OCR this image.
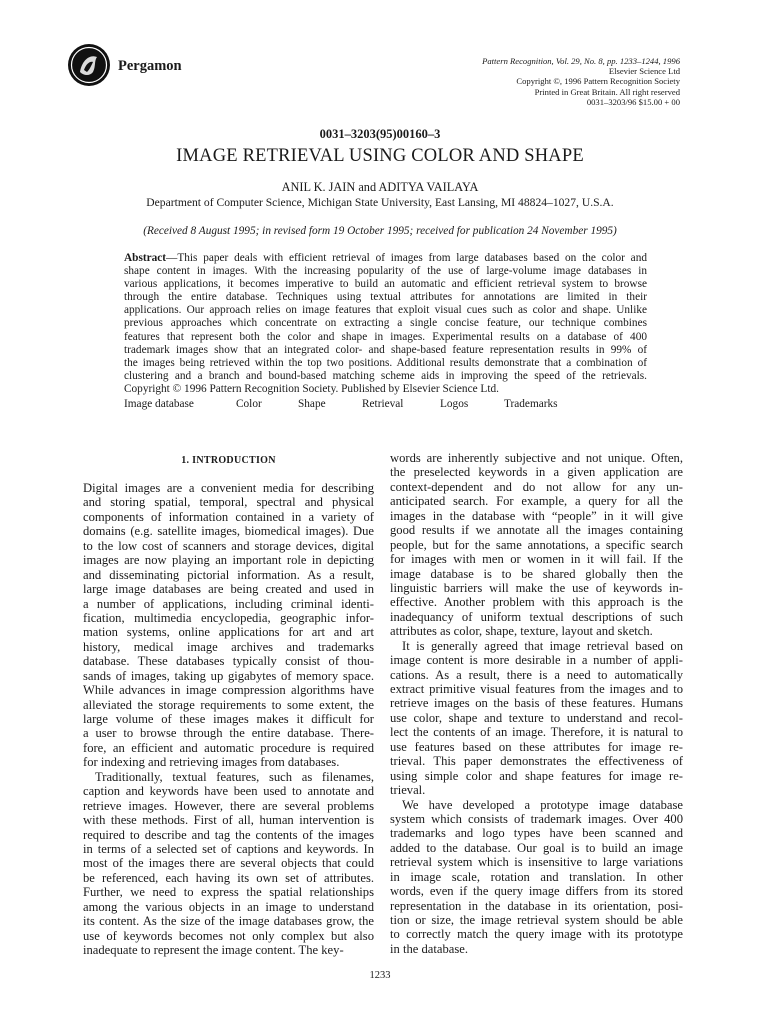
Pergamon	Pattern Recognition, Vol. 29, No. 8, pp. 1233–1244, 1996
Elsevier Science Ltd
Copyright ©, 1996 Pattern Recognition Society
Printed in Great Britain. All right reserved
0031–3203/96 $15.00 + 00
0031–3203(95)00160–3
IMAGE RETRIEVAL USING COLOR AND SHAPE
ANIL K. JAIN and ADITYA VAILAYA
Department of Computer Science, Michigan State University, East Lansing, MI 48824–1027, U.S.A.
(Received 8 August 1995; in revised form 19 October 1995; received for publication 24 November 1995)
Abstract—This paper deals with efficient retrieval of images from large databases based on the color and
shape content in images. With the increasing popularity of the use of large-volume image databases in
various applications, it becomes imperative to build an automatic and efficient retrieval system to browse
through the entire database. Techniques using textual attributes for annotations are limited in their
applications. Our approach relies on image features that exploit visual cues such as color and shape. Unlike
previous approaches which concentrate on extracting a single concise feature, our technique combines
features that represent both the color and shape in images. Experimental results on a database of 400
trademark images show that an integrated color- and shape-based feature representation results in 99% of
the images being retrieved within the top two positions. Additional results demonstrate that a combination of
clustering and a branch and bound-based matching scheme aids in improving the speed of the retrievals.
Copyright © 1996 Pattern Recognition Society. Published by Elsevier Science Ltd.
Image database	Color	Shape	Retrieval	Logos	Trademarks
1. INTRODUCTION
Digital images are a convenient media for describing
and storing spatial, temporal, spectral and physical
components of information contained in a variety of
domains (e.g. satellite images, biomedical images). Due
to the low cost of scanners and storage devices, digital
images are now playing an important role in depicting
and disseminating pictorial information. As a result,
large image databases are being created and used in
a number of applications, including criminal identi-
fication, multimedia encyclopedia, geographic infor-
mation systems, online applications for art and art
history, medical image archives and trademarks
database. These databases typically consist of thou-
sands of images, taking up gigabytes of memory space.
While advances in image compression algorithms have
alleviated the storage requirements to some extent, the
large volume of these images makes it difficult for
a user to browse through the entire database. There-
fore, an efficient and automatic procedure is required
for indexing and retrieving images from databases.
Traditionally, textual features, such as filenames,
caption and keywords have been used to annotate and
retrieve images. However, there are several problems
with these methods. First of all, human intervention is
required to describe and tag the contents of the images
in terms of a selected set of captions and keywords. In
most of the images there are several objects that could
be referenced, each having its own set of attributes.
Further, we need to express the spatial relationships
among the various objects in an image to understand
its content. As the size of the image databases grow, the
use of keywords becomes not only complex but also
inadequate to represent the image content. The key-
words are inherently subjective and not unique. Often,
the preselected keywords in a given application are
context-dependent and do not allow for any un-
anticipated search. For example, a query for all the
images in the database with “people” in it will give
good results if we annotate all the images containing
people, but for the same annotations, a specific search
for images with men or women in it will fail. If the
image database is to be shared globally then the
linguistic barriers will make the use of keywords in-
effective. Another problem with this approach is the
inadequancy of uniform textual descriptions of such
attributes as color, shape, texture, layout and sketch.
It is generally agreed that image retrieval based on
image content is more desirable in a number of appli-
cations. As a result, there is a need to automatically
extract primitive visual features from the images and to
retrieve images on the basis of these features. Humans
use color, shape and texture to understand and recol-
lect the contents of an image. Therefore, it is natural to
use features based on these attributes for image re-
trieval. This paper demonstrates the effectiveness of
using simple color and shape features for image re-
trieval.
We have developed a prototype image database
system which consists of trademark images. Over 400
trademarks and logo types have been scanned and
added to the database. Our goal is to build an image
retrieval system which is insensitive to large variations
in image scale, rotation and translation. In other
words, even if the query image differs from its stored
representation in the database in its orientation, posi-
tion or size, the image retrieval system should be able
to correctly match the query image with its prototype
in the database.
1233
